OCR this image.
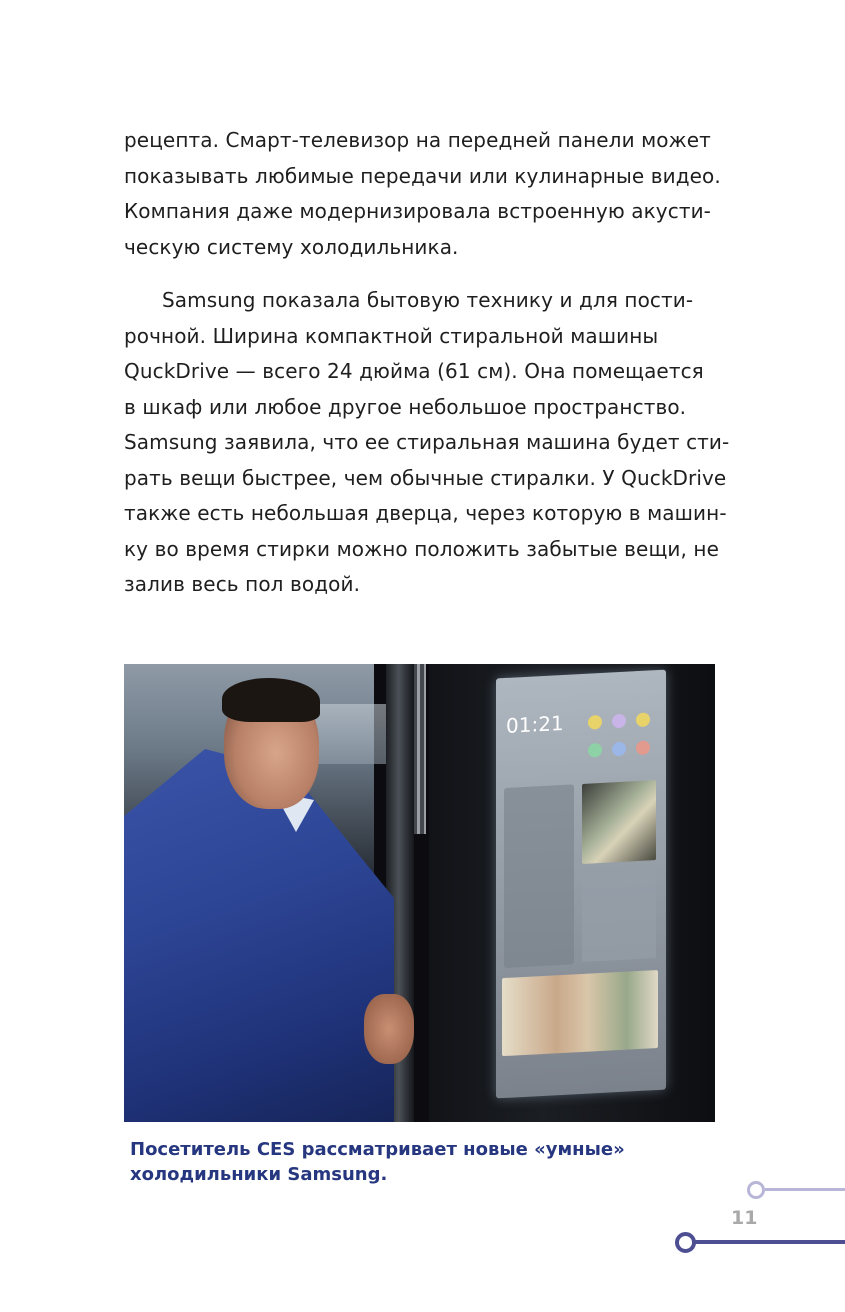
рецепта. Смарт-телевизор на передней панели может
показывать любимые передачи или кулинарные видео.
Компания даже модернизировала встроенную акусти-
ческую систему холодильника.
Samsung показала бытовую технику и для пости-
рочной. Ширина компактной стиральной машины
QuckDrive — всего 24 дюйма (61 см). Она помещается
в шкаф или любое другое небольшое пространство.
Samsung заявила, что ее стиральная машина будет сти-
рать вещи быстрее, чем обычные стиралки. У QuckDrive
также есть небольшая дверца, через которую в машин-
ку во время стирки можно положить забытые вещи, не
залив весь пол водой.
01:21
Посетитель CES рассматривает новые «умные»
холодильники Samsung.
11
